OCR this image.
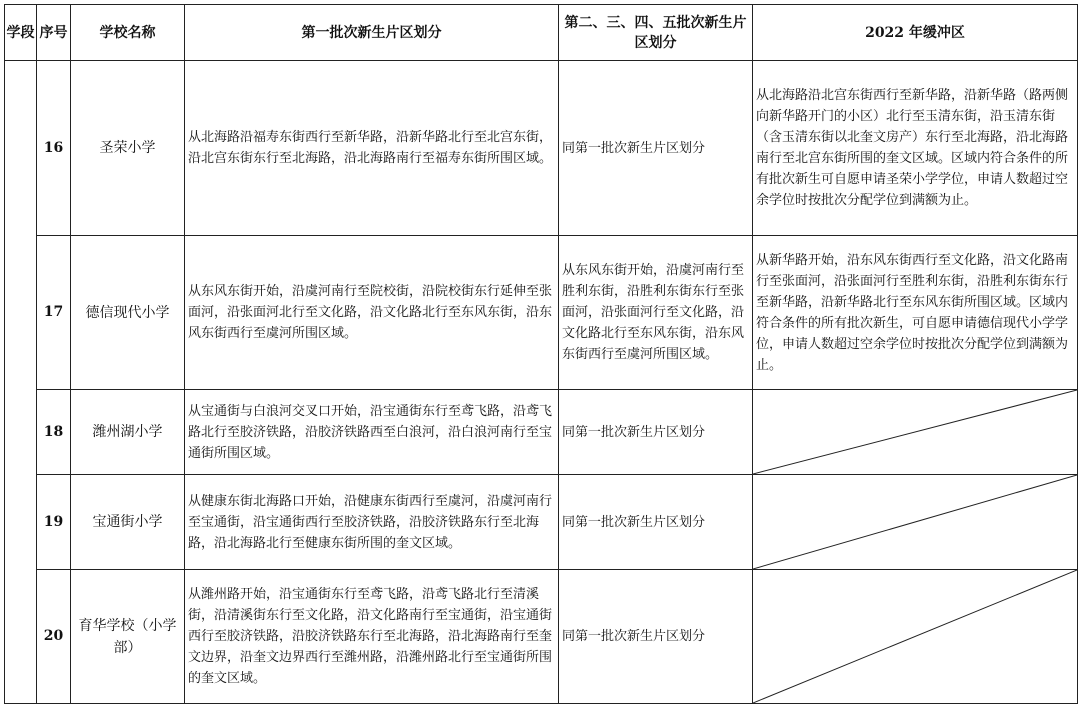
学段	序号	学校名称	第一批次新生片区划分	第二、三、四、五批次新生片区划分	2022 年缓冲区
	16	圣荣小学	从北海路沿福寿东街西行至新华路，沿新华路北行至北宫东街，沿北宫东街东行至北海路，沿北海路南行至福寿东街所围区域。	同第一批次新生片区划分	从北海路沿北宫东街西行至新华路，沿新华路（路两侧向新华路开门的小区）北行至玉清东街，沿玉清东街（含玉清东街以北奎文房产）东行至北海路，沿北海路南行至北宫东街所围的奎文区域。区域内符合条件的所有批次新生可自愿申请圣荣小学学位，申请人数超过空余学位时按批次分配学位到满额为止。
	17	德信现代小学	从东风东街开始，沿虞河南行至院校街，沿院校街东行延伸至张面河，沿张面河北行至文化路，沿文化路北行至东风东街，沿东风东街西行至虞河所围区域。	从东风东街开始，沿虞河南行至胜利东街，沿胜利东街东行至张面河，沿张面河行至文化路，沿文化路北行至东风东街，沿东风东街西行至虞河所围区域。	从新华路开始，沿东风东街西行至文化路，沿文化路南行至张面河，沿张面河行至胜利东街，沿胜利东街东行至新华路，沿新华路北行至东风东街所围区域。区域内符合条件的所有批次新生，可自愿申请德信现代小学学位，申请人数超过空余学位时按批次分配学位到满额为止。
	18	潍州湖小学	从宝通街与白浪河交叉口开始，沿宝通街东行至鸢飞路，沿鸢飞路北行至胶济铁路，沿胶济铁路西至白浪河，沿白浪河南行至宝通街所围区域。	同第一批次新生片区划分	

	19	宝通街小学	从健康东街北海路口开始，沿健康东街西行至虞河，沿虞河南行至宝通街，沿宝通街西行至胶济铁路，沿胶济铁路东行至北海路，沿北海路北行至健康东街所围的奎文区域。	同第一批次新生片区划分	

	20	育华学校（小学部）	从潍州路开始，沿宝通街东行至鸢飞路，沿鸢飞路北行至清溪街，沿清溪街东行至文化路，沿文化路南行至宝通街，沿宝通街西行至胶济铁路，沿胶济铁路东行至北海路，沿北海路南行至奎文边界，沿奎文边界西行至潍州路，沿潍州路北行至宝通街所围的奎文区域。	同第一批次新生片区划分	
